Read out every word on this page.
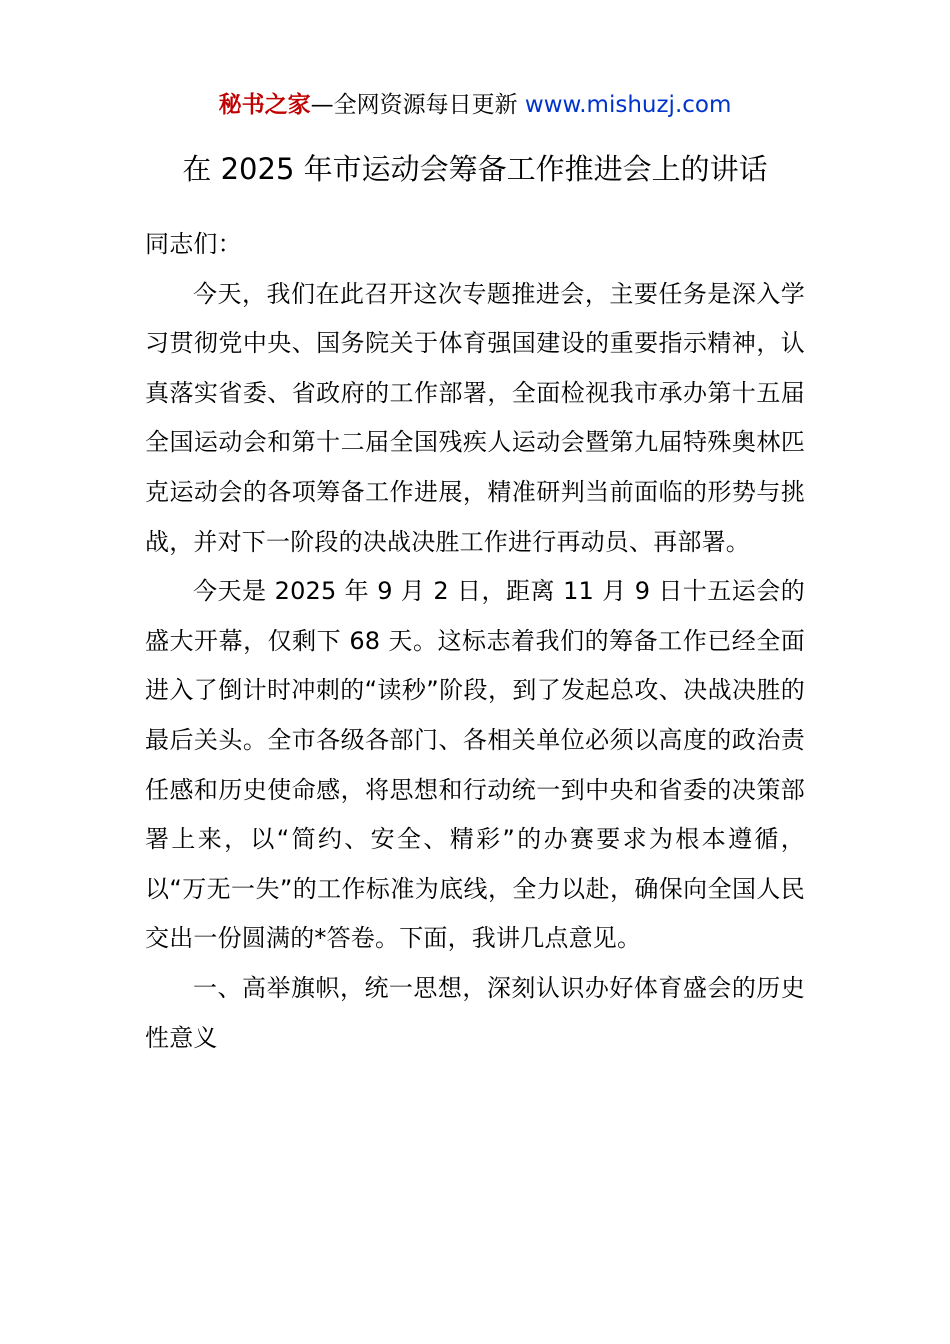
秘书之家—全网资源每日更新 www.mishuzj.com
在 2025 年市运动会筹备工作推进会上的讲话

同志们：

今天，我们在此召开这次专题推进会，主要任务是深入学习贯彻党中央、国务院关于体育强国建设的重要指示精神，认真落实省委、省政府的工作部署，全面检视我市承办第十五届全国运动会和第十二届全国残疾人运动会暨第九届特殊奥林匹克运动会的各项筹备工作进展，精准研判当前面临的形势与挑战，并对下一阶段的决战决胜工作进行再动员、再部署。

今天是 2025 年 9 月 2 日，距离 11 月 9 日十五运会的盛大开幕，仅剩下 68 天。这标志着我们的筹备工作已经全面进入了倒计时冲刺的“读秒”阶段，到了发起总攻、决战决胜的最后关头。全市各级各部门、各相关单位必须以高度的政治责任感和历史使命感，将思想和行动统一到中央和省委的决策部署上来，以“简约、安全、精彩”的办赛要求为根本遵循，以“万无一失”的工作标准为底线，全力以赴，确保向全国人民交出一份圆满的*答卷。下面，我讲几点意见。

一、高举旗帜，统一思想，深刻认识办好体育盛会的历史性意义
